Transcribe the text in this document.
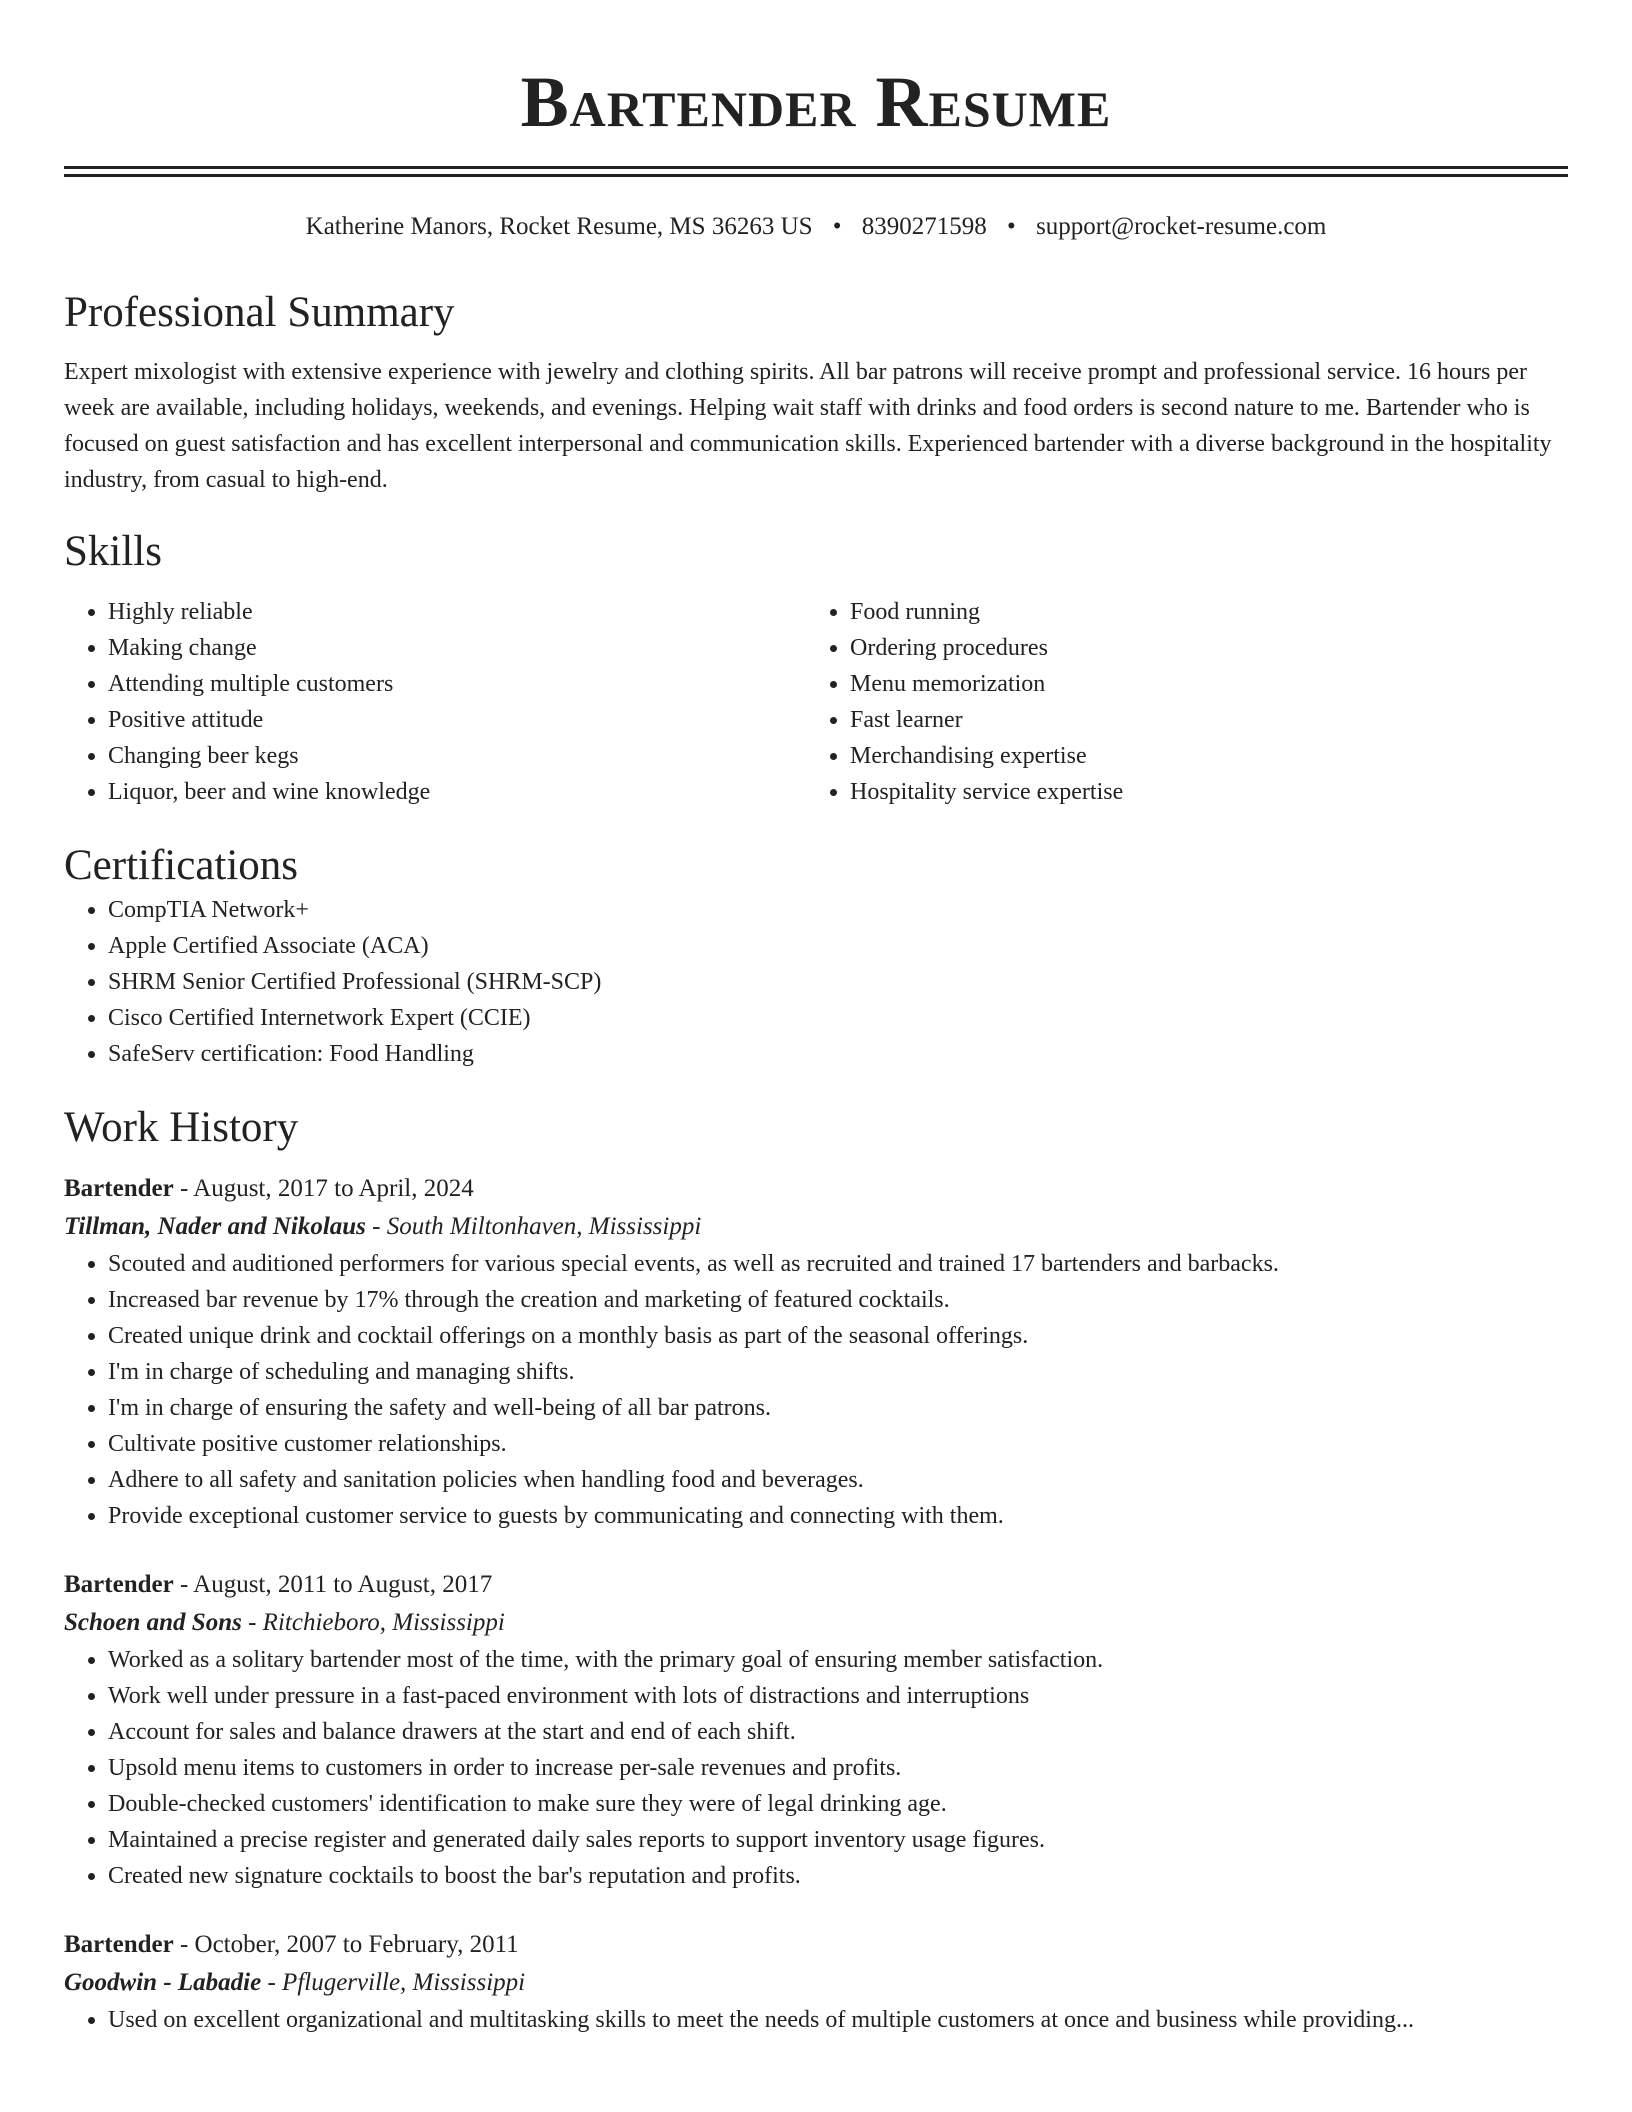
Bartender Resume
Katherine Manors, Rocket Resume, MS 36263 US • 8390271598 • support@rocket-resume.com
Professional Summary

Expert mixologist with extensive experience with jewelry and clothing spirits. All bar patrons will receive prompt and professional service. 16 hours per week are available, including holidays, weekends, and evenings. Helping wait staff with drinks and food orders is second nature to me. Bartender who is focused on guest satisfaction and has excellent interpersonal and communication skills. Experienced bartender with a diverse background in the hospitality industry, from casual to high-end.

Skills
• Highly reliable
• Making change
• Attending multiple customers
• Positive attitude
• Changing beer kegs
• Liquor, beer and wine knowledge
• Food running
• Ordering procedures
• Menu memorization
• Fast learner
• Merchandising expertise
• Hospitality service expertise
Certifications
• CompTIA Network+
• Apple Certified Associate (ACA)
• SHRM Senior Certified Professional (SHRM-SCP)
• Cisco Certified Internetwork Expert (CCIE)
• SafeServ certification: Food Handling
Work History
Bartender - August, 2017 to April, 2024
Tillman, Nader and Nikolaus - South Miltonhaven, Mississippi
• Scouted and auditioned performers for various special events, as well as recruited and trained 17 bartenders and barbacks.
• Increased bar revenue by 17% through the creation and marketing of featured cocktails.
• Created unique drink and cocktail offerings on a monthly basis as part of the seasonal offerings.
• I'm in charge of scheduling and managing shifts.
• I'm in charge of ensuring the safety and well-being of all bar patrons.
• Cultivate positive customer relationships.
• Adhere to all safety and sanitation policies when handling food and beverages.
• Provide exceptional customer service to guests by communicating and connecting with them.
Bartender - August, 2011 to August, 2017
Schoen and Sons - Ritchieboro, Mississippi
• Worked as a solitary bartender most of the time, with the primary goal of ensuring member satisfaction.
• Work well under pressure in a fast-paced environment with lots of distractions and interruptions
• Account for sales and balance drawers at the start and end of each shift.
• Upsold menu items to customers in order to increase per-sale revenues and profits.
• Double-checked customers' identification to make sure they were of legal drinking age.
• Maintained a precise register and generated daily sales reports to support inventory usage figures.
• Created new signature cocktails to boost the bar's reputation and profits.
Bartender - October, 2007 to February, 2011
Goodwin - Labadie - Pflugerville, Mississippi
• Used on excellent organizational and multitasking skills to meet the needs of multiple customers at once and business while providing...
